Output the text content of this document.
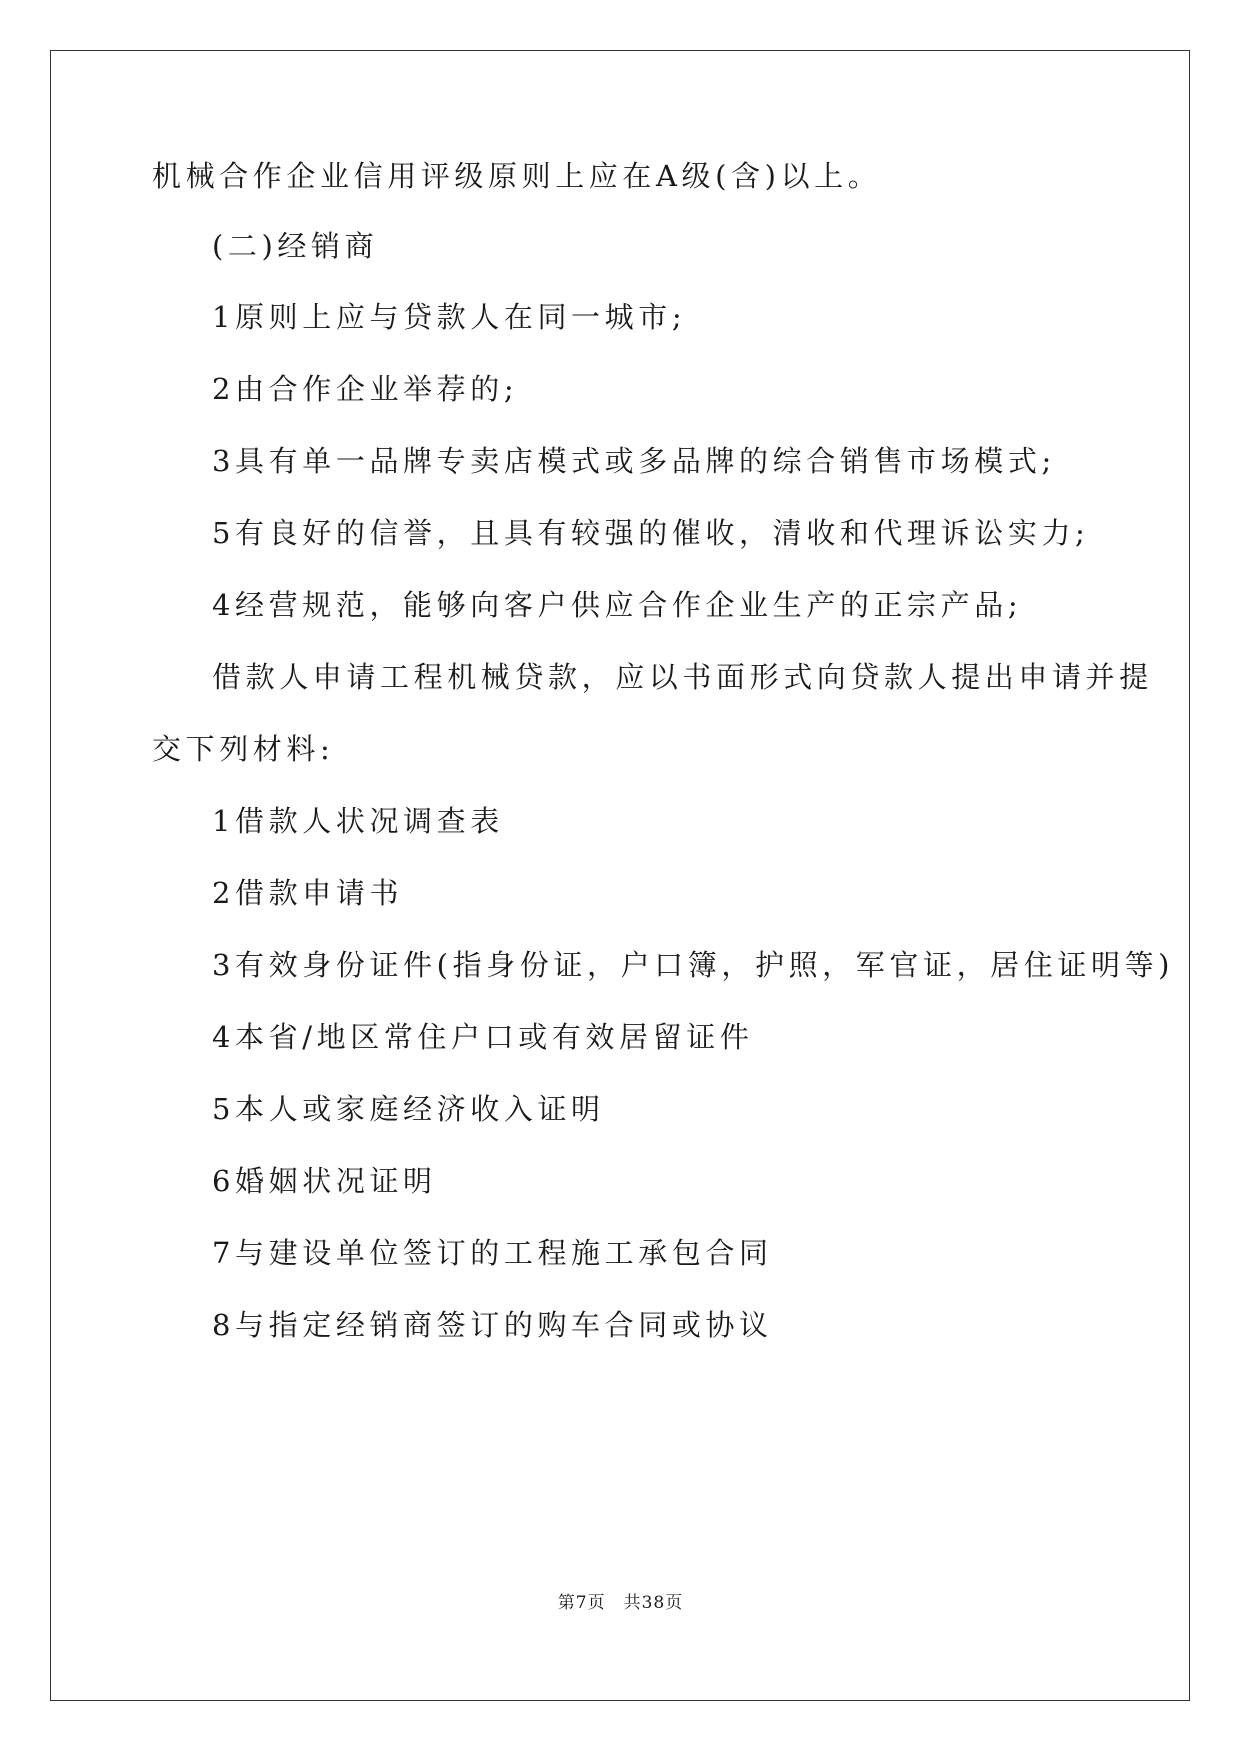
机械合作企业信用评级原则上应在A级(含)以上。
(二)经销商
1原则上应与贷款人在同一城市;
2由合作企业举荐的;
3具有单一品牌专卖店模式或多品牌的综合销售市场模式;
5有良好的信誉，且具有较强的催收，清收和代理诉讼实力;
4经营规范，能够向客户供应合作企业生产的正宗产品;
借款人申请工程机械贷款，应以书面形式向贷款人提出申请并提
交下列材料:
1借款人状况调查表
2借款申请书
3有效身份证件(指身份证，户口簿，护照，军官证，居住证明等)
4本省/地区常住户口或有效居留证件
5本人或家庭经济收入证明
6婚姻状况证明
7与建设单位签订的工程施工承包合同
8与指定经销商签订的购车合同或协议
第7页 共38页
